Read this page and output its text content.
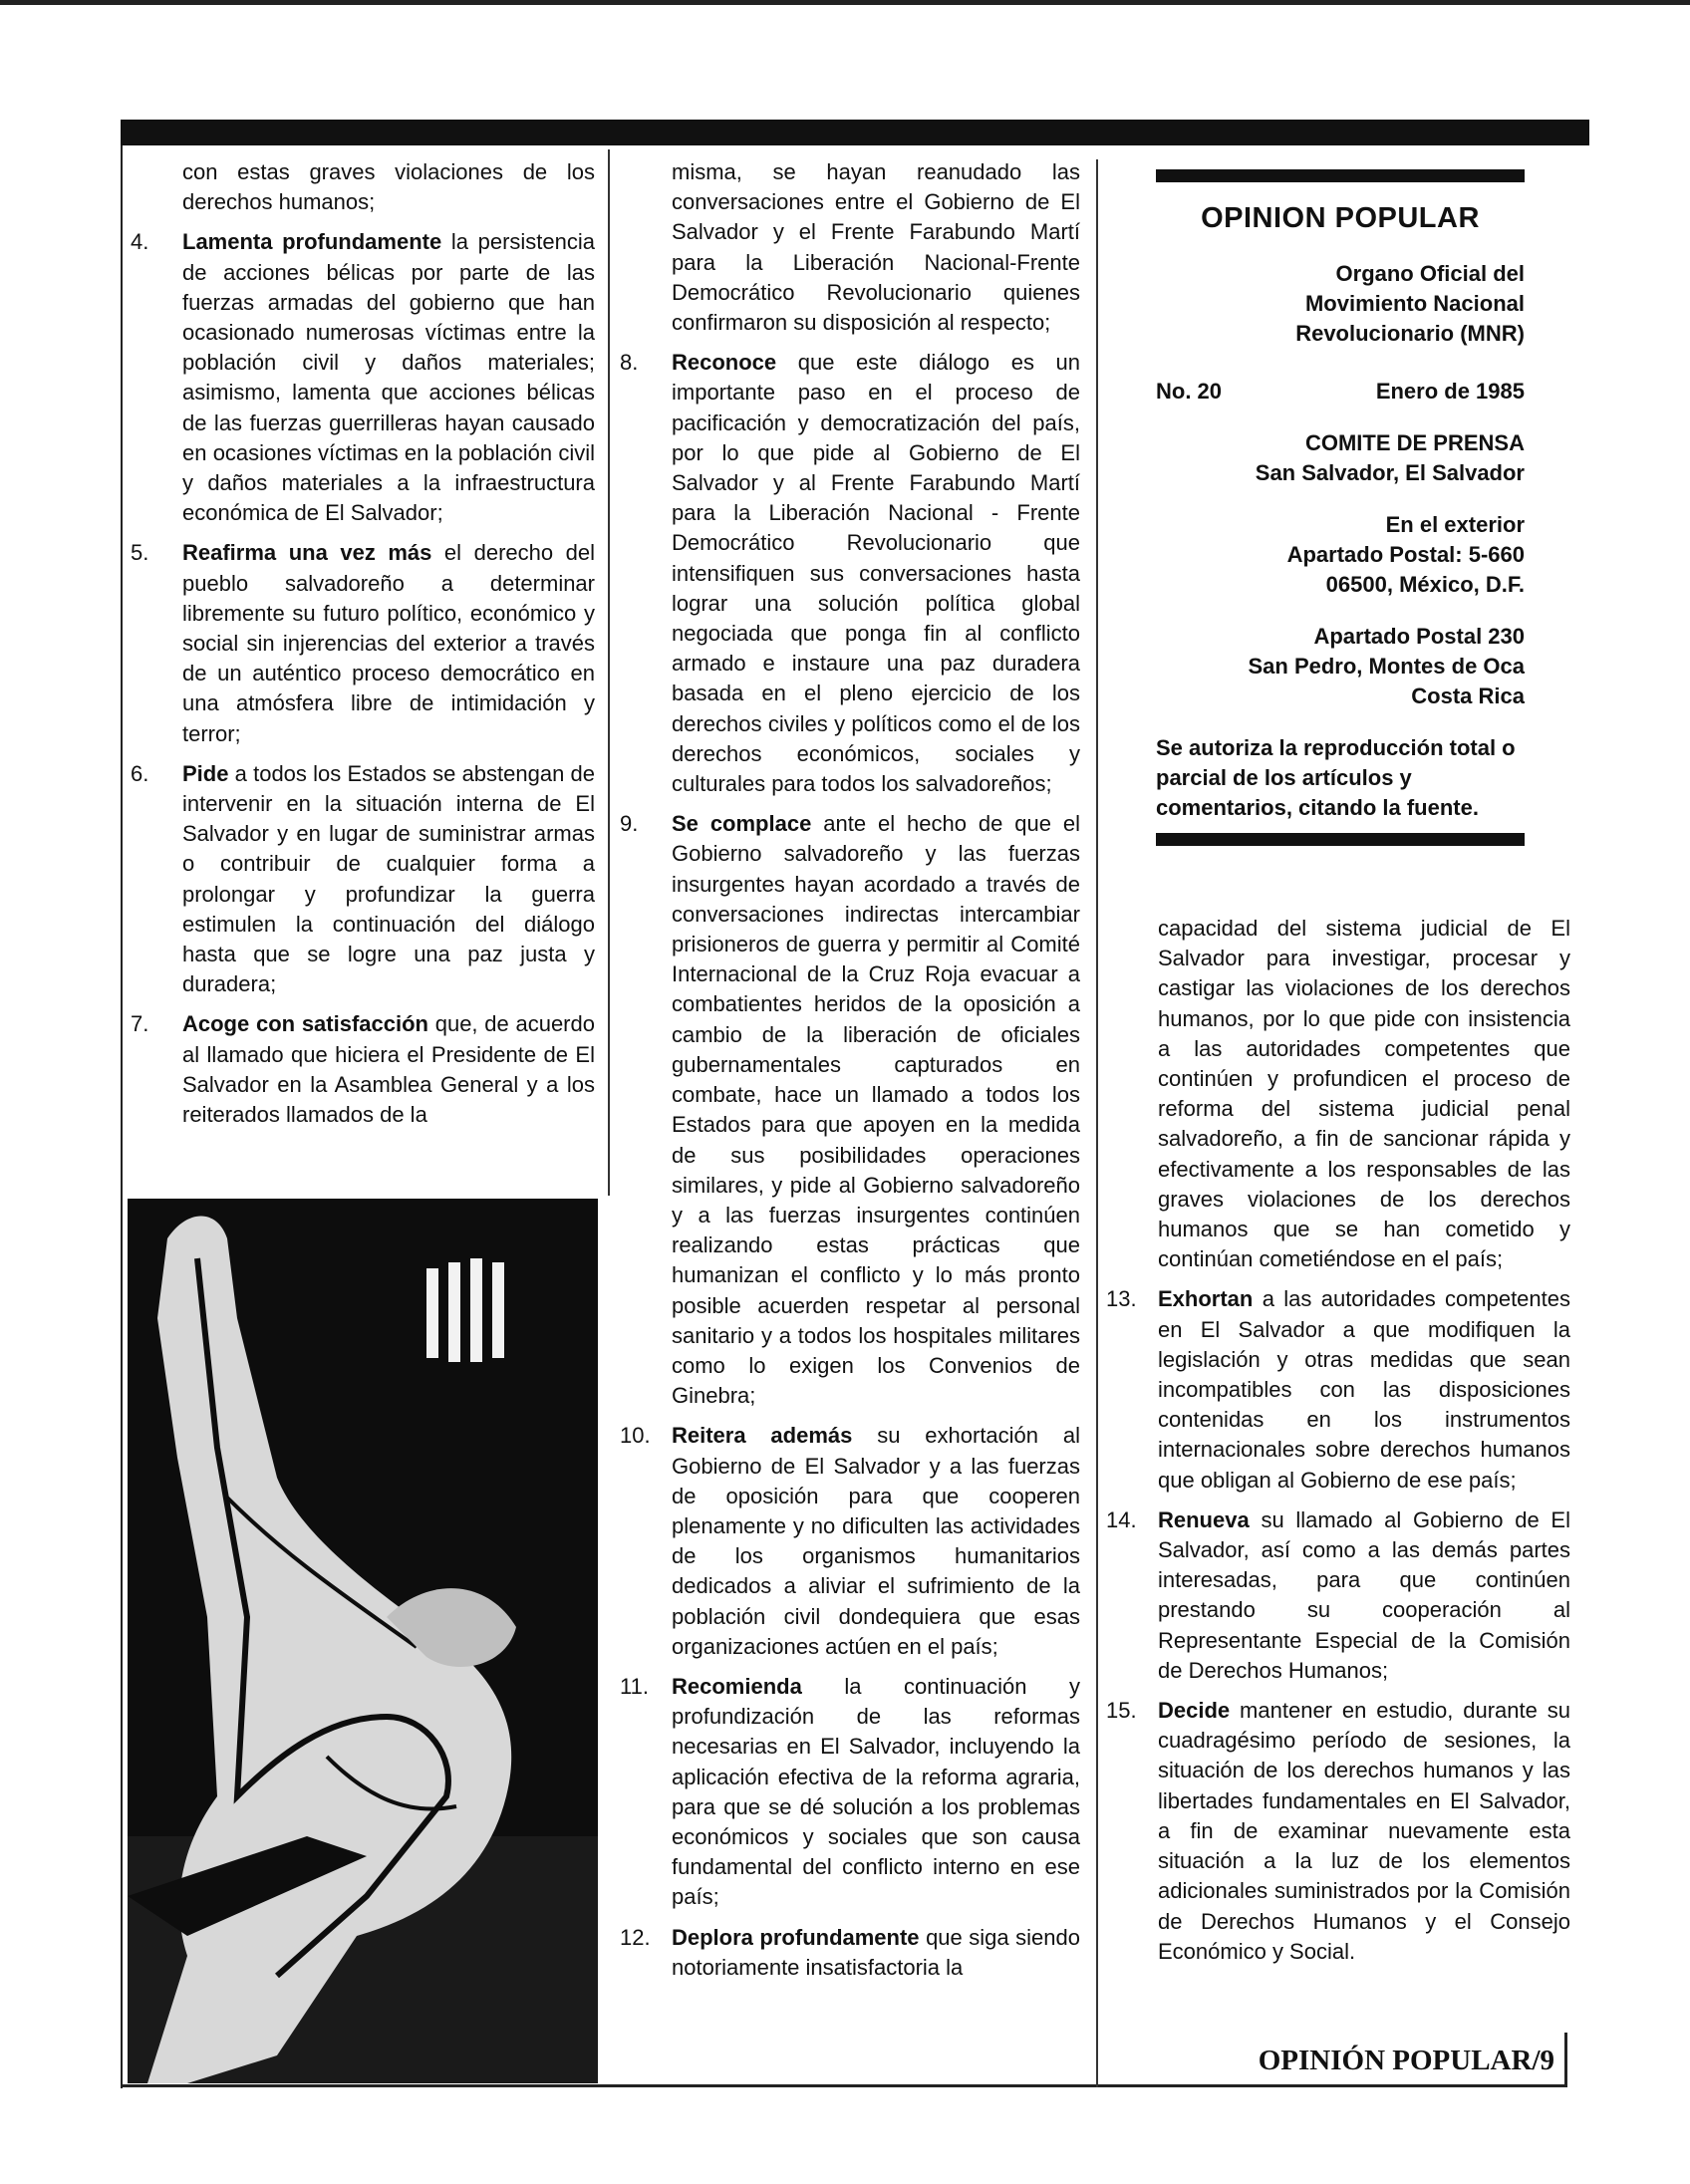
con estas graves violaciones de los derechos humanos;

4.	Lamenta profundamente la persistencia de acciones bélicas por parte de las fuerzas armadas del gobierno que han ocasionado numerosas víctimas entre la población civil y daños materiales; asimismo, lamenta que acciones bélicas de las fuerzas guerrilleras hayan causado en ocasiones víctimas en la población civil y daños materiales a la infraestructura económica de El Salvador;
5.	Reafirma una vez más el derecho del pueblo salvadoreño a determinar libremente su futuro político, económico y social sin injerencias del exterior a través de un auténtico proceso democrático en una atmósfera libre de intimidación y terror;
6.	Pide a todos los Estados se abstengan de intervenir en la situación interna de El Salvador y en lugar de suministrar armas o contribuir de cualquier forma a prolongar y profundizar la guerra estimulen la continuación del diálogo hasta que se logre una paz justa y duradera;
7.	Acoge con satisfacción que, de acuerdo al llamado que hiciera el Presidente de El Salvador en la Asamblea General y a los reiterados llamados de la

misma, se hayan reanudado las conversaciones entre el Gobierno de El Salvador y el Frente Farabundo Martí para la Liberación Nacional-Frente Democrático Revolucionario quienes confirmaron su disposición al respecto;

8.	Reconoce que este diálogo es un importante paso en el proceso de pacificación y democratización del país, por lo que pide al Gobierno de El Salvador y al Frente Farabundo Martí para la Liberación Nacional - Frente Democrático Revolucionario que intensifiquen sus conversaciones hasta lograr una solución política global negociada que ponga fin al conflicto armado e instaure una paz duradera basada en el pleno ejercicio de los derechos civiles y políticos como el de los derechos económicos, sociales y culturales para todos los salvadoreños;
9.	Se complace ante el hecho de que el Gobierno salvadoreño y las fuerzas insurgentes hayan acordado a través de conversaciones indirectas intercambiar prisioneros de guerra y permitir al Comité Internacional de la Cruz Roja evacuar a combatientes heridos de la oposición a cambio de la liberación de oficiales gubernamentales capturados en combate, hace un llamado a todos los Estados para que apoyen en la medida de sus posibilidades operaciones similares, y pide al Gobierno salvadoreño y a las fuerzas insurgentes continúen realizando estas prácticas que humanizan el conflicto y lo más pronto posible acuerden respetar al personal sanitario y a todos los hospitales militares como lo exigen los Convenios de Ginebra;
10. Reitera además su exhortación al Gobierno de El Salvador y a las fuerzas de oposición para que cooperen plenamente y no dificulten las actividades de los organismos humanitarios dedicados a aliviar el sufrimiento de la población civil dondequiera que esas organizaciones actúen en el país;
11.	Recomienda la continuación y profundización de las reformas necesarias en El Salvador, incluyendo la aplicación efectiva de la reforma agraria, para que se dé solución a los problemas económicos y sociales que son causa fundamental del conflicto interno en ese país;
12. Deplora profundamente que siga siendo notoriamente insatisfactoria la
OPINION POPULAR
Organo Oficial del
Movimiento Nacional
Revolucionario (MNR)
No. 20	Enero de 1985
COMITE DE PRENSA
San Salvador, El Salvador
En el exterior
Apartado Postal: 5-660
06500, México, D.F.
Apartado Postal 230
San Pedro, Montes de Oca
Costa Rica
Se autoriza la reproducción total o parcial de los artículos y comentarios, citando la fuente.

capacidad del sistema judicial de El Salvador para investigar, procesar y castigar las violaciones de los derechos humanos, por lo que pide con insistencia a las autoridades competentes que continúen y profundicen el proceso de reforma del sistema judicial penal salvadoreño, a fin de sancionar rápida y efectivamente a los responsables de las graves violaciones de los derechos humanos que se han cometido y continúan cometiéndose en el país;

13. Exhortan a las autoridades competentes en El Salvador a que modifiquen la legislación y otras medidas que sean incompatibles con las disposiciones contenidas en los instrumentos internacionales sobre derechos humanos que obligan al Gobierno de ese país;
14. Renueva su llamado al Gobierno de El Salvador, así como a las demás partes interesadas, para que continúen prestando su cooperación al Representante Especial de la Comisión de Derechos Humanos;
15. Decide mantener en estudio, durante su cuadragésimo período de sesiones, la situación de los derechos humanos y las libertades fundamentales en El Salvador, a fin de examinar nuevamente esta situación a la luz de los elementos adicionales suministrados por la Comisión de Derechos Humanos y el Consejo Económico y Social.
OPINIÓN POPULAR/9
